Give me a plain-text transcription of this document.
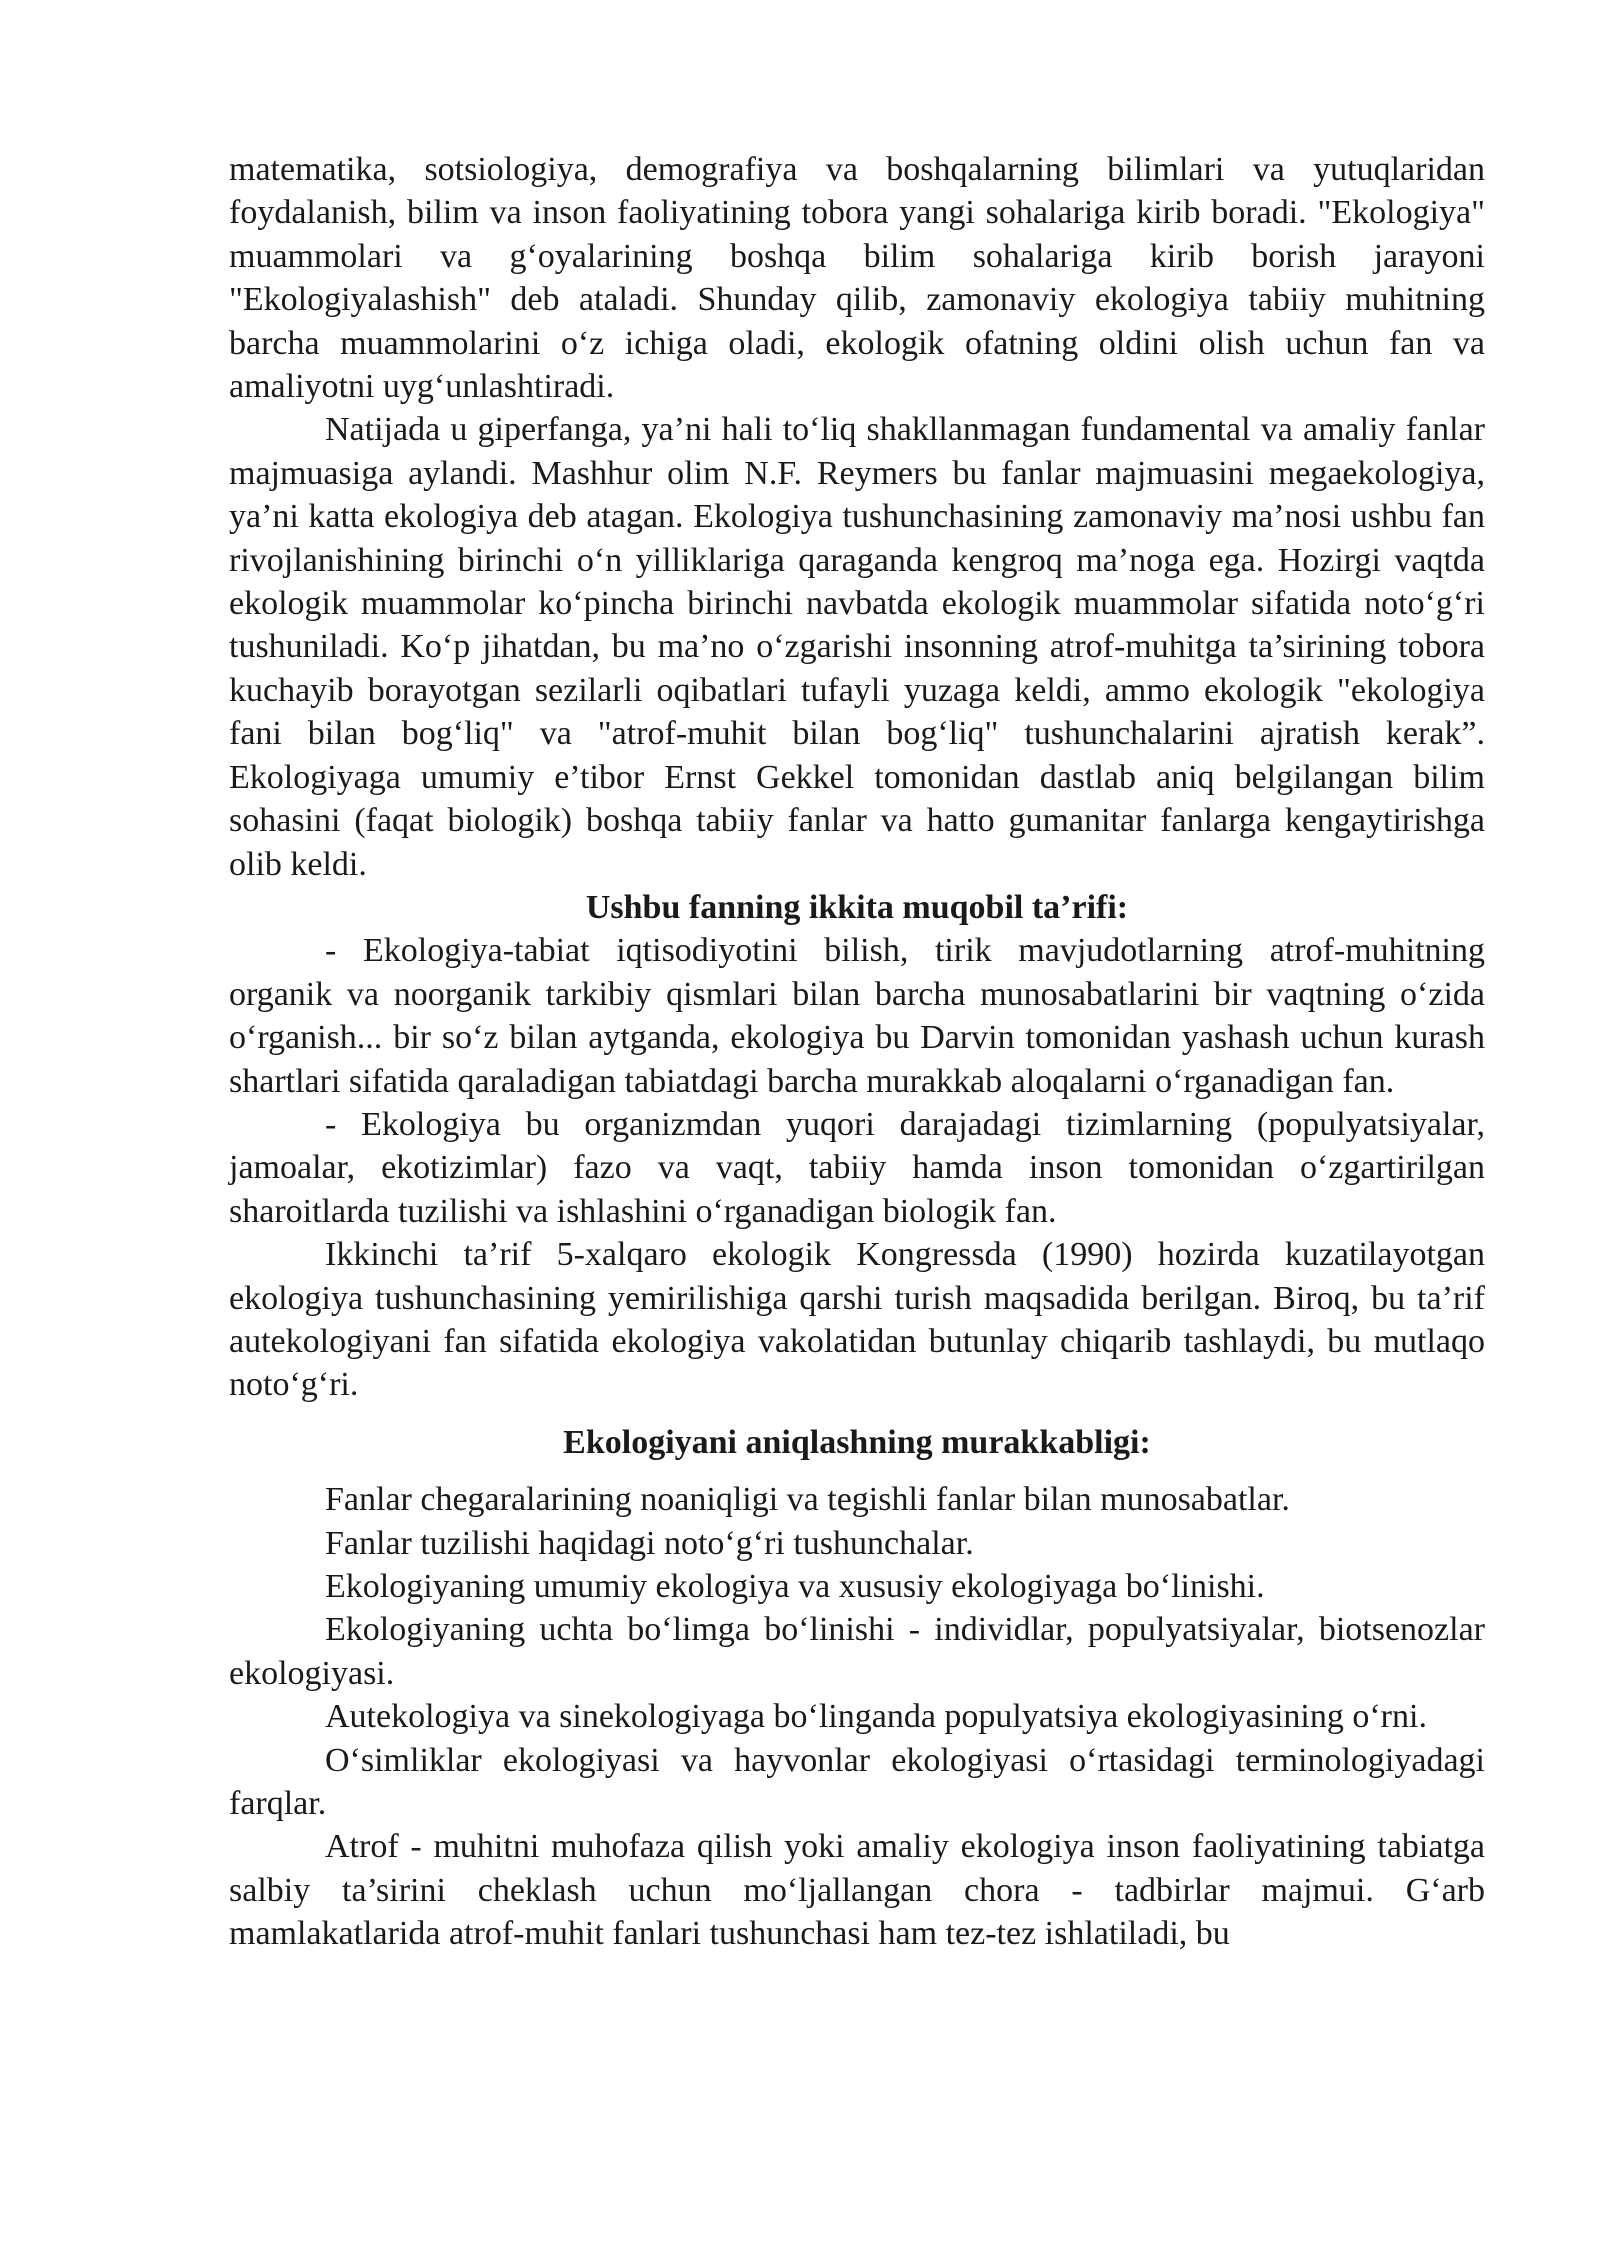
matematika, sotsiologiya, demografiya va boshqalarning bilimlari va yutuqlaridan foydalanish, bilim va inson faoliyatining tobora yangi sohalariga kirib boradi. "Ekologiya" muammolari va g‘oyalarining boshqa bilim sohalariga kirib borish jarayoni "Ekologiyalashish" deb ataladi. Shunday qilib, zamonaviy ekologiya tabiiy muhitning barcha muammolarini o‘z ichiga oladi, ekologik ofatning oldini olish uchun fan va amaliyotni uyg‘unlashtiradi.

Natijada u giperfanga, ya’ni hali to‘liq shakllanmagan fundamental va amaliy fanlar majmuasiga aylandi. Mashhur olim N.F. Reymers bu fanlar majmuasini megaekologiya, ya’ni katta ekologiya deb atagan. Ekologiya tushunchasining zamonaviy ma’nosi ushbu fan rivojlanishining birinchi o‘n yilliklariga qaraganda kengroq ma’noga ega. Hozirgi vaqtda ekologik muammolar ko‘pincha birinchi navbatda ekologik muammolar sifatida noto‘g‘ri tushuniladi. Ko‘p jihatdan, bu ma’no o‘zgarishi insonning atrof-muhitga ta’sirining tobora kuchayib borayotgan sezilarli oqibatlari tufayli yuzaga keldi, ammo ekologik "ekologiya fani bilan bog‘liq" va "atrof-muhit bilan bog‘liq" tushunchalarini ajratish kerak”. Ekologiyaga umumiy e’tibor Ernst Gekkel tomonidan dastlab aniq belgilangan bilim sohasini (faqat biologik) boshqa tabiiy fanlar va hatto gumanitar fanlarga kengaytirishga olib keldi.

Ushbu fanning ikkita muqobil ta’rifi:

- Ekologiya-tabiat iqtisodiyotini bilish, tirik mavjudotlarning atrof-muhitning organik va noorganik tarkibiy qismlari bilan barcha munosabatlarini bir vaqtning o‘zida o‘rganish... bir so‘z bilan aytganda, ekologiya bu Darvin tomonidan yashash uchun kurash shartlari sifatida qaraladigan tabiatdagi barcha murakkab aloqalarni o‘rganadigan fan.

- Ekologiya bu organizmdan yuqori darajadagi tizimlarning (populyatsiyalar, jamoalar, ekotizimlar) fazo va vaqt, tabiiy hamda inson tomonidan o‘zgartirilgan sharoitlarda tuzilishi va ishlashini o‘rganadigan biologik fan.

Ikkinchi ta’rif 5-xalqaro ekologik Kongressda (1990) hozirda kuzatilayotgan ekologiya tushunchasining yemirilishiga qarshi turish maqsadida berilgan. Biroq, bu ta’rif autekologiyani fan sifatida ekologiya vakolatidan butunlay chiqarib tashlaydi, bu mutlaqo noto‘g‘ri.

Ekologiyani aniqlashning murakkabligi:

Fanlar chegaralarining noaniqligi va tegishli fanlar bilan munosabatlar.

Fanlar tuzilishi haqidagi noto‘g‘ri tushunchalar.

Ekologiyaning umumiy ekologiya va xususiy ekologiyaga bo‘linishi.

Ekologiyaning uchta bo‘limga bo‘linishi - individlar, populyatsiyalar, biotsenozlar ekologiyasi.

Autekologiya va sinekologiyaga bo‘linganda populyatsiya ekologiyasining o‘rni.

O‘simliklar ekologiyasi va hayvonlar ekologiyasi o‘rtasidagi terminologiyadagi farqlar.

Atrof - muhitni muhofaza qilish yoki amaliy ekologiya inson faoliyatining tabiatga salbiy ta’sirini cheklash uchun mo‘ljallangan chora - tadbirlar majmui. G‘arb mamlakatlarida atrof-muhit fanlari tushunchasi ham tez-tez ishlatiladi, bu
